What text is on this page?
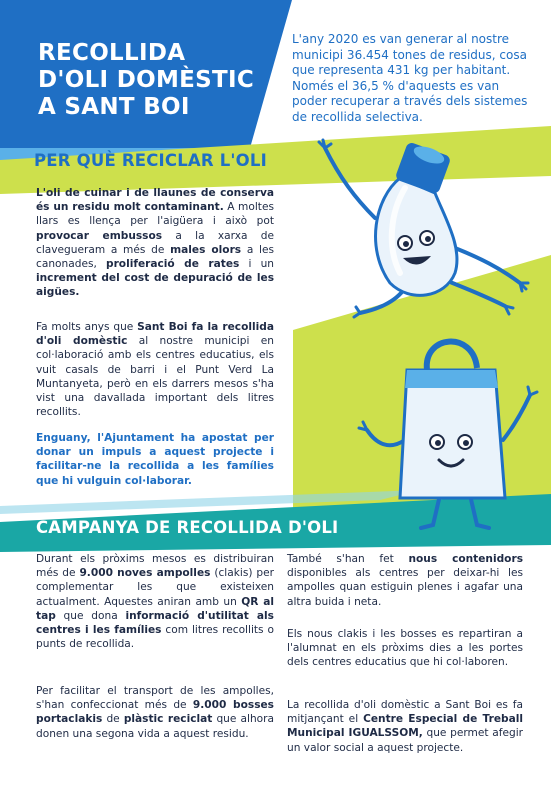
RECOLLIDA
D'OLI DOMÈSTIC
A SANT BOI

L'any 2020 es van generar al nostre municipi 36.454 tones de residus, cosa que representa 431 kg per habitant. Només el 36,5 % d'aquests es van poder recuperar a través dels sistemes de recollida selectiva.

PER QUÈ RECICLAR L'OLI

L'oli de cuinar i de llaunes de conserva és un residu molt contaminant. A moltes llars es llença per l'aigüera i això pot provocar embussos a la xarxa de clavegueram a més de males olors a les canonades, proliferació de rates i un increment del cost de depuració de les aigües.

Fa molts anys que Sant Boi fa la recollida d'oli domèstic al nostre municipi en col·laboració amb els centres educatius, els vuit casals de barri i el Punt Verd La Muntanyeta, però en els darrers mesos s'ha vist una davallada important dels litres recollits.

Enguany, l'Ajuntament ha apostat per donar un impuls a aquest projecte i facilitar-ne la recollida a les famílies que hi vulguin col·laborar.

CAMPANYA DE RECOLLIDA D'OLI

Durant els pròxims mesos es distribuiran més de 9.000 noves ampolles (clakis) per complementar les que existeixen actualment. Aquestes aniran amb un QR al tap que dona informació d'utilitat als centres i les famílies com litres recollits o punts de recollida.

Per facilitar el transport de les ampolles, s'han confeccionat més de 9.000 bosses portaclakis de plàstic reciclat que alhora donen una segona vida a aquest residu.

També s'han fet nous contenidors disponibles als centres per deixar-hi les ampolles quan estiguin plenes i agafar una altra buida i neta.

Els nous clakis i les bosses es repartiran a l'alumnat en els pròxims dies a les portes dels centres educatius que hi col·laboren.

La recollida d'oli domèstic a Sant Boi es fa mitjançant el Centre Especial de Treball Municipal IGUALSSOM, que permet afegir un valor social a aquest projecte.
